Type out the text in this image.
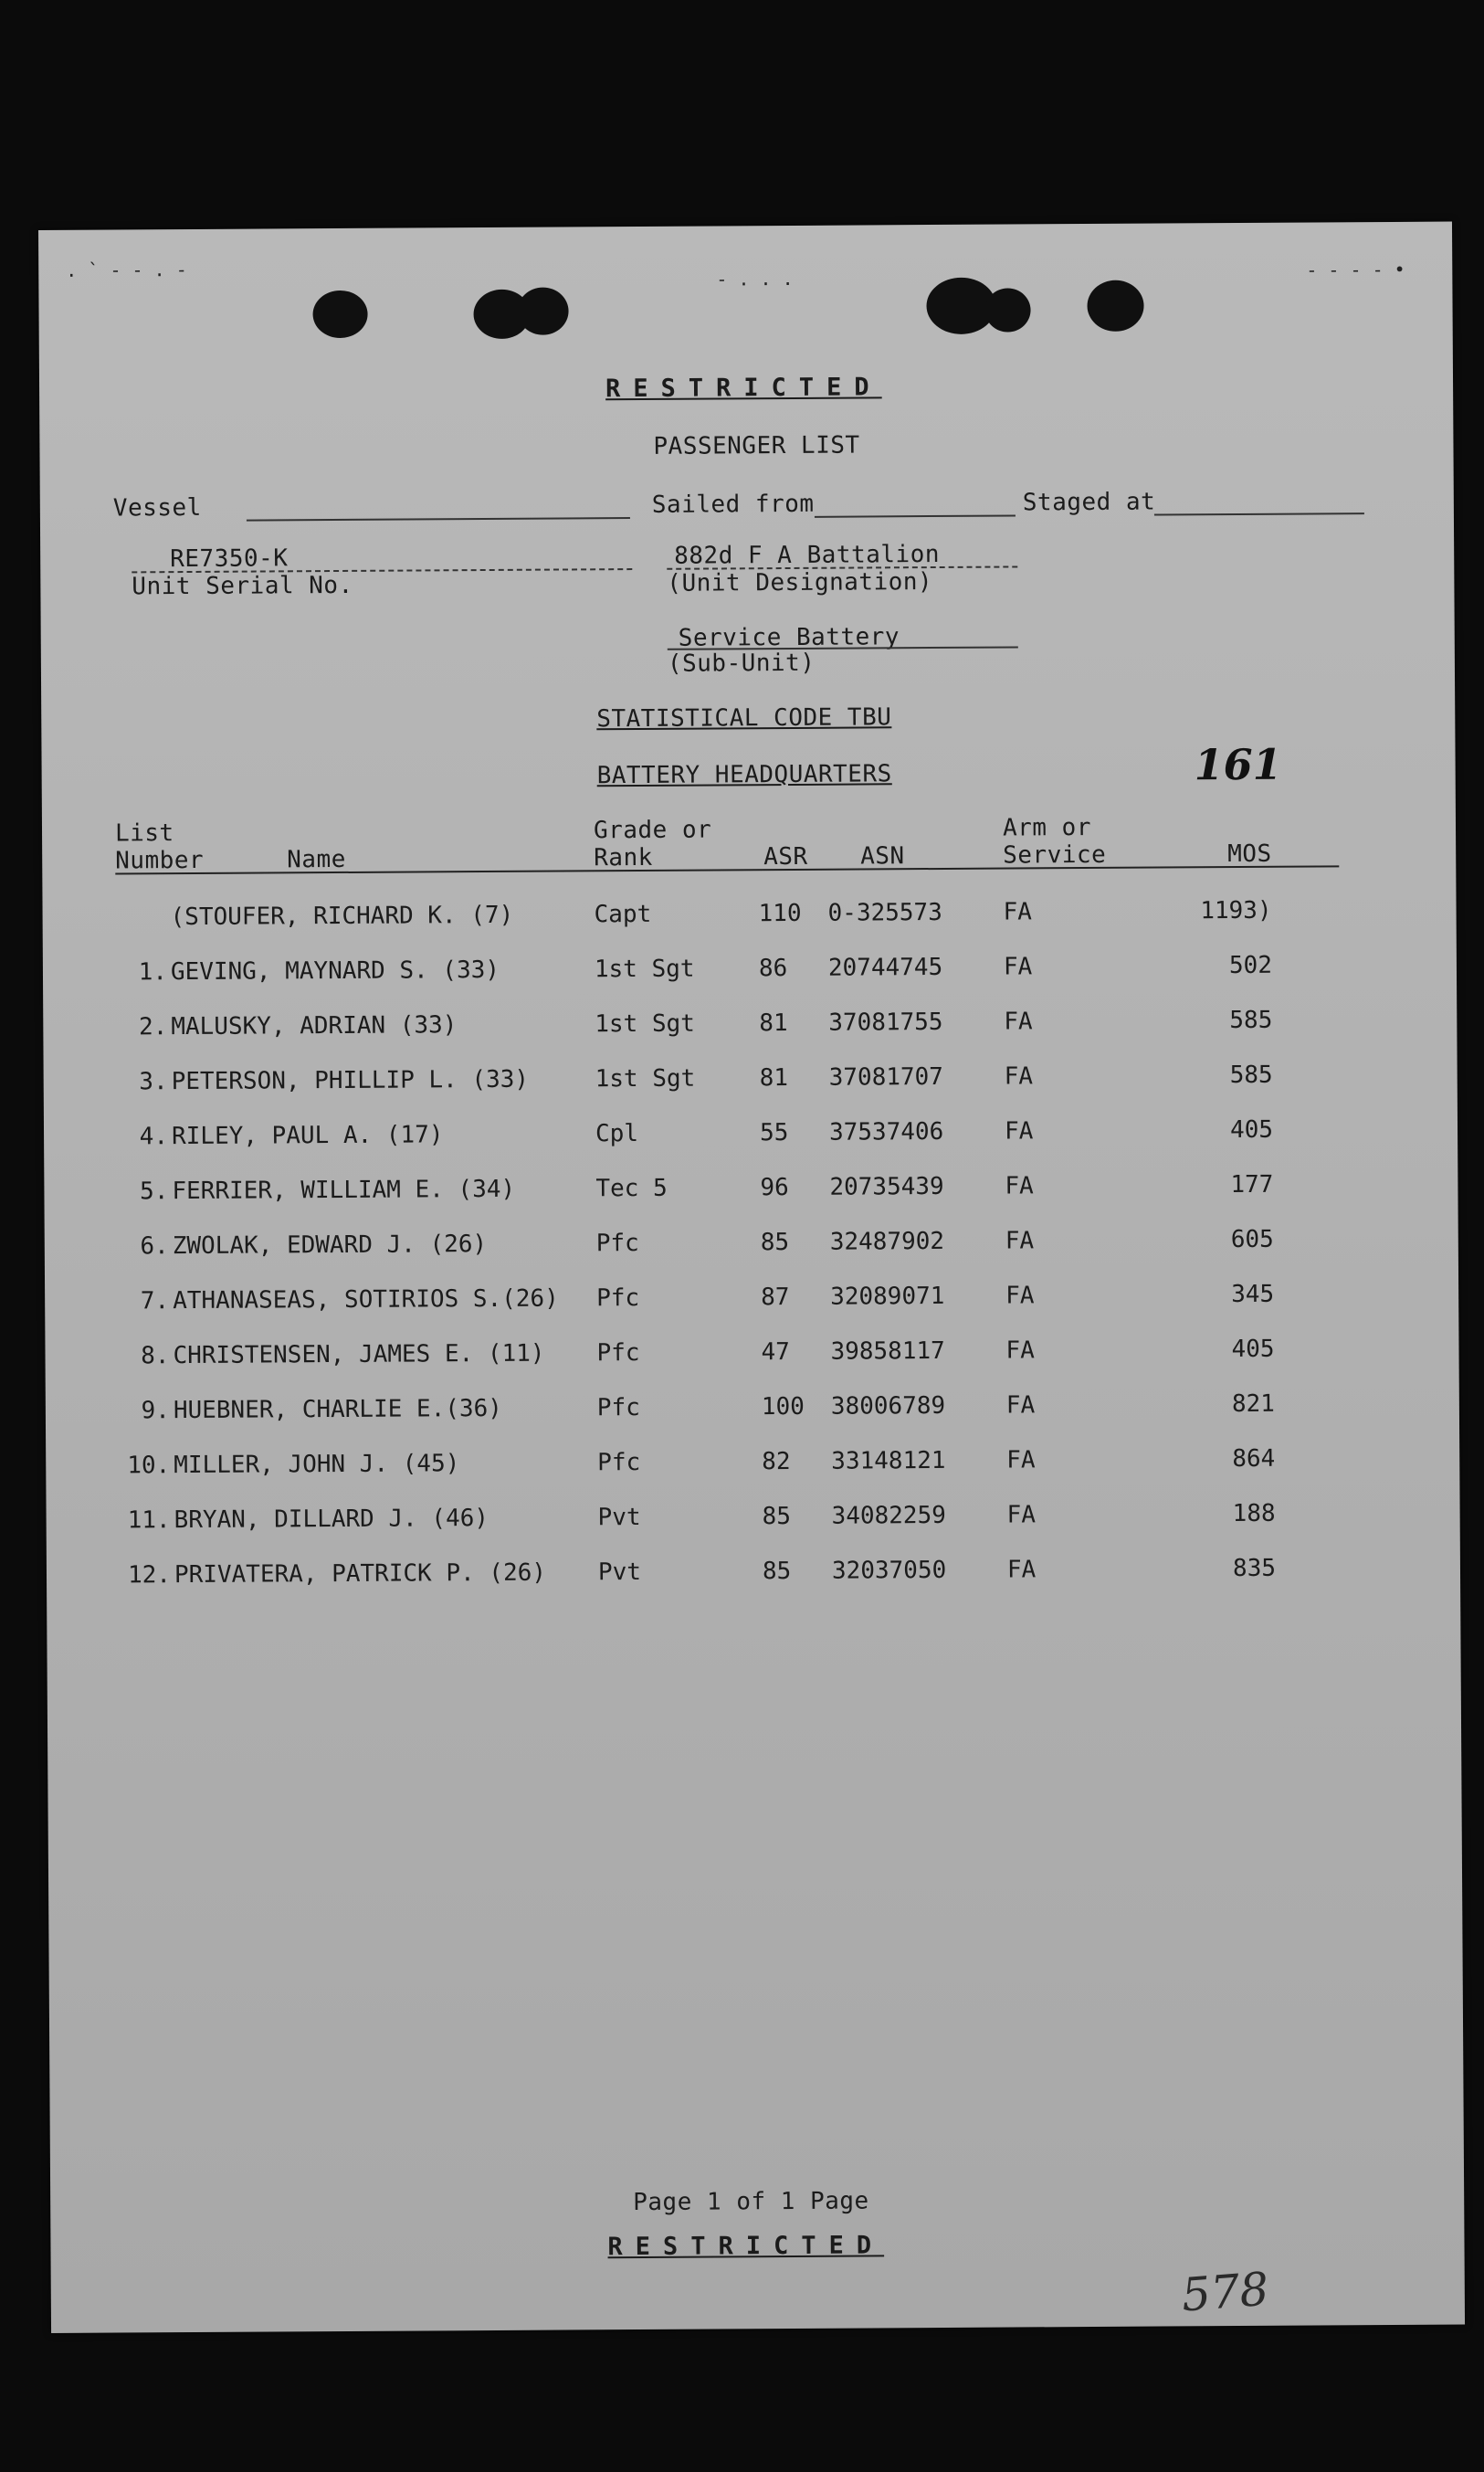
. ` - - . -	- . . .	- - - - •
RESTRICTED
PASSENGER LIST
Vessel	Sailed from	Staged at
RE7350-K
Unit Serial No.
882d F A Battalion
(Unit Designation)
Service Battery
(Sub-Unit)
STATISTICAL CODE TBU
BATTERY HEADQUARTERS	161
List
Number	Name
Grade or
Rank	ASR ASN
Arm or
Service	MOS
(STOUFER, RICHARD K. (7)	Capt	110 0-325573	FA	1193)
1. GEVING, MAYNARD S. (33)	1st Sgt	86 20744745	FA	502
2. MALUSKY, ADRIAN (33)	1st Sgt	81 37081755	FA	585
3. PETERSON, PHILLIP L. (33)	1st Sgt	81 37081707	FA	585
4. RILEY, PAUL A. (17)	Cpl	55 37537406	FA	405
5. FERRIER, WILLIAM E. (34)	Tec 5	96 20735439	FA	177
6. ZWOLAK, EDWARD J. (26)	Pfc	85 32487902	FA	605
7. ATHANASEAS, SOTIRIOS S.(26) Pfc	87 32089071	FA	345
8. CHRISTENSEN, JAMES E. (11) Pfc	47 39858117	FA	405
9. HUEBNER, CHARLIE E.(36)	Pfc	100 38006789	FA	821
10. MILLER, JOHN J. (45)	Pfc	82 33148121	FA	864
11. BRYAN, DILLARD J. (46)	Pvt	85 34082259	FA	188
12. PRIVATERA, PATRICK P. (26) Pvt	85 32037050	FA	835
Page 1 of 1 Page
RESTRICTED
578
